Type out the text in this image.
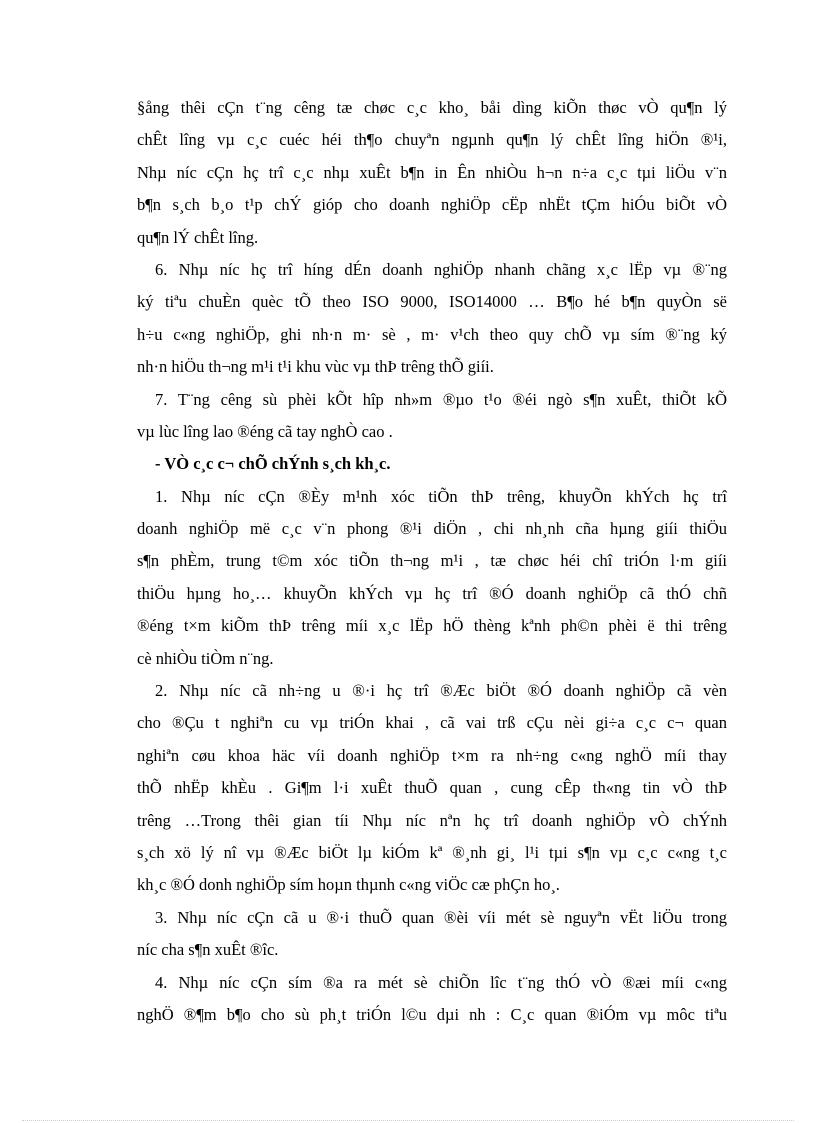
§ång thêi cÇn t¨ng cêng tæ chøc c¸c kho¸ båi dìng kiÕn thøc vÒ qu¶n lý
chÊt lîng vµ c¸c cuéc héi th¶o chuyªn ngµnh qu¶n lý chÊt lîng hiÖn ®¹i,
Nhµ níc cÇn hç trî c¸c nhµ xuÊt b¶n in Ên nhiÒu h¬n n÷a c¸c tµi liÖu v¨n
b¶n s¸ch b¸o t¹p chÝ gióp cho doanh nghiÖp cËp nhËt tÇm hiÓu biÕt vÒ
qu¶n lÝ chÊt lîng.
6. Nhµ níc hç trî híng dÉn doanh nghiÖp nhanh chãng x¸c lËp vµ ®¨ng
ký tiªu chuÈn quèc tÕ theo ISO 9000, ISO14000 … B¶o hé b¶n quyÒn së
h÷u c«ng nghiÖp, ghi nh·n m· sè , m· v¹ch theo quy chÕ vµ sím ®¨ng ký
nh·n hiÖu th¬ng m¹i t¹i khu vùc vµ thÞ trêng thÕ giíi.
7. T¨ng cêng sù phèi kÕt hîp nh»m ®µo t¹o ®éi ngò s¶n xuÊt, thiÕt kÕ
vµ lùc lîng lao ®éng cã tay nghÒ cao .
- VÒ c¸c c¬ chÕ chÝnh s¸ch kh¸c.
1. Nhµ níc cÇn ®Èy m¹nh xóc tiÕn thÞ trêng, khuyÕn khÝch hç trî
doanh nghiÖp më c¸c v¨n phong ®¹i diÖn , chi nh¸nh cña hµng giíi thiÖu
s¶n phÈm, trung t©m xóc tiÕn th¬ng m¹i , tæ chøc héi chî triÓn l·m giíi
thiÖu hµng ho¸… khuyÕn khÝch vµ hç trî ®Ó doanh nghiÖp cã thÓ chñ
®éng t×m kiÕm thÞ trêng míi x¸c lËp hÖ thèng kªnh ph©n phèi ë thi trêng
cè nhiÒu tiÒm n¨ng.
2. Nhµ níc cã nh÷ng u ®·i hç trî ®Æc biÖt ®Ó doanh nghiÖp cã vèn
cho ®Çu t nghiªn cu vµ triÓn khai , cã vai trß cÇu nèi gi÷a c¸c c¬ quan
nghiªn cøu khoa häc víi doanh nghiÖp t×m ra nh÷ng c«ng nghÖ míi thay
thÕ nhËp khÈu . Gi¶m l·i xuÊt thuÕ quan , cung cÊp th«ng tin vÒ thÞ
trêng …Trong thêi gian tíi Nhµ níc nªn hç trî doanh nghiÖp vÒ chÝnh
s¸ch xö lý nî vµ ®Æc biÖt lµ kiÓm kª ®¸nh gi¸ l¹i tµi s¶n vµ c¸c c«ng t¸c
kh¸c ®Ó donh nghiÖp sím hoµn thµnh c«ng viÖc cæ phÇn ho¸.
3. Nhµ níc cÇn cã u ®·i thuÕ quan ®èi víi mét sè nguyªn vËt liÖu trong
níc cha s¶n xuÊt ®îc.
4. Nhµ níc cÇn sím ®a ra mét sè chiÕn lîc t¨ng thÓ vÒ ®æi míi c«ng
nghÖ ®¶m b¶o cho sù ph¸t triÓn l©u dµi nh : C¸c quan ®iÓm vµ môc tiªu
